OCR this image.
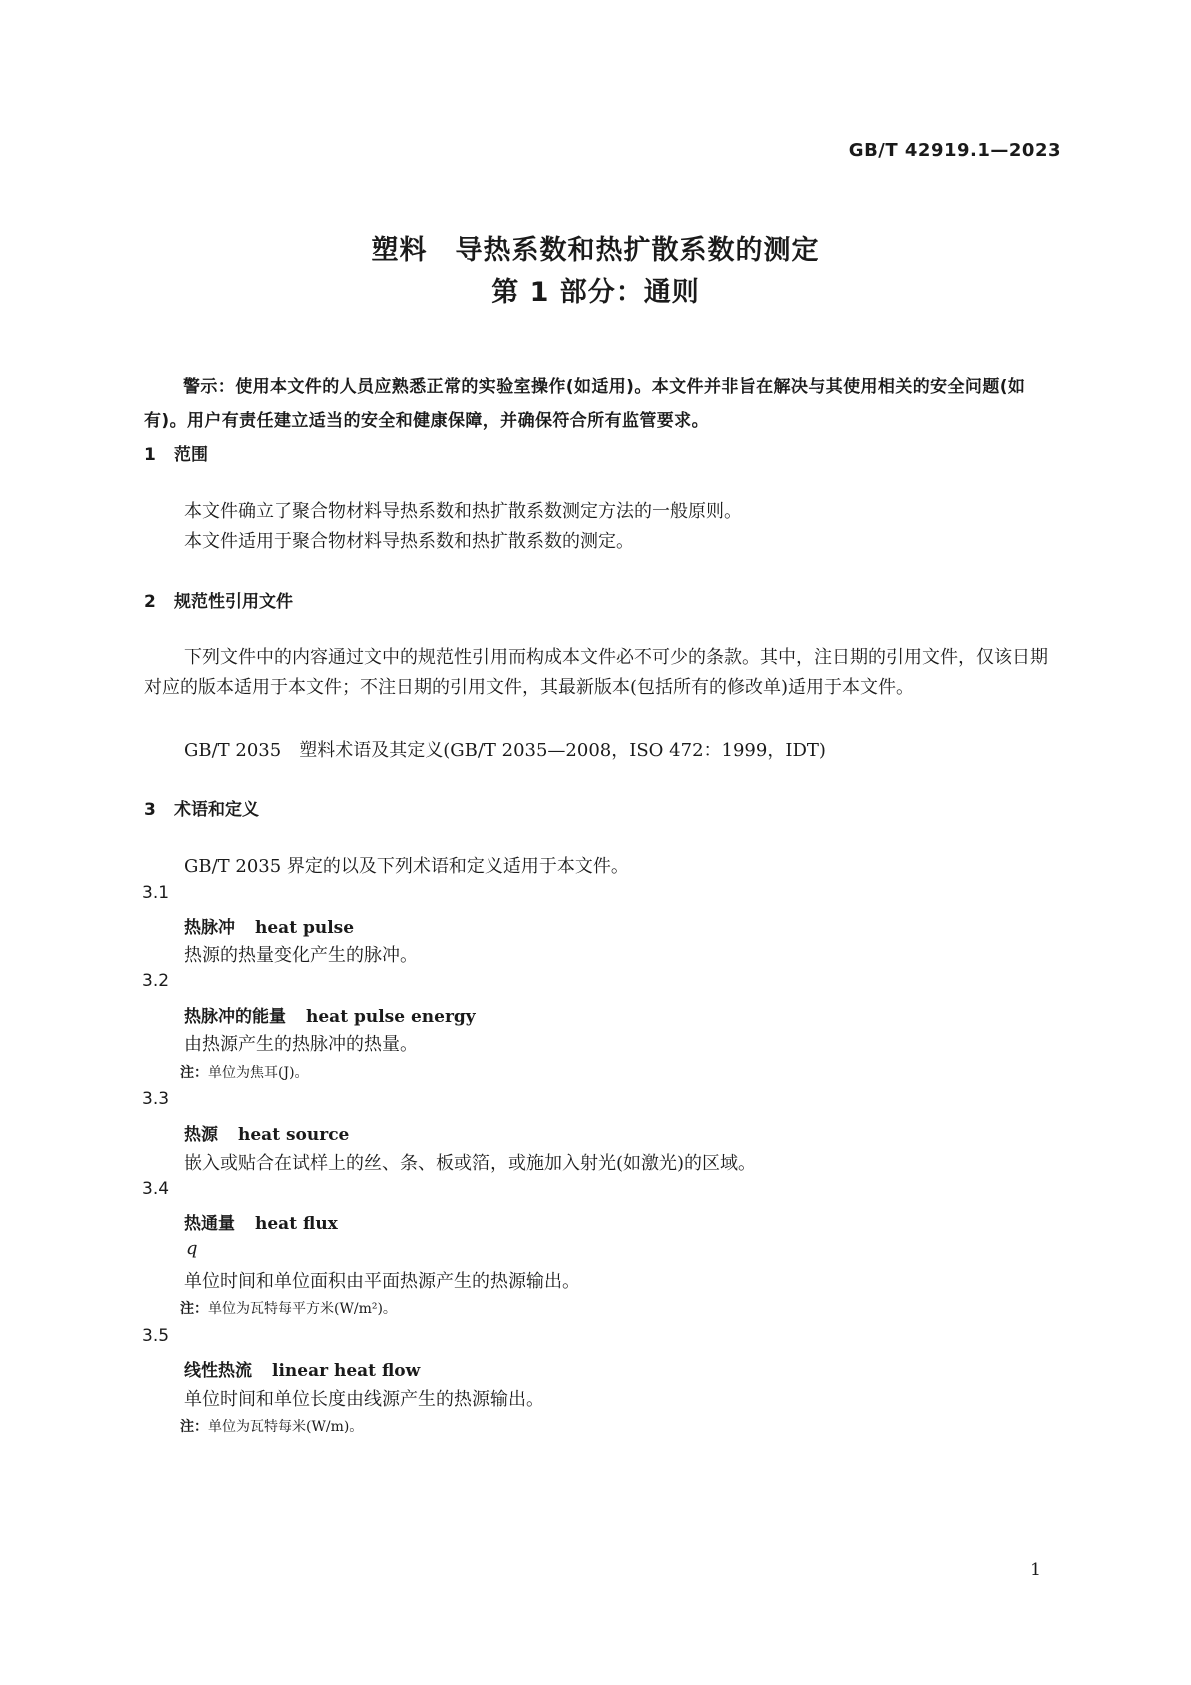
GB/T 42919.1—2023
塑料　导热系数和热扩散系数的测定
第 1 部分：通则
警示：使用本文件的人员应熟悉正常的实验室操作(如适用)。本文件并非旨在解决与其使用相关的安全问题(如有)。用户有责任建立适当的安全和健康保障，并确保符合所有监管要求。
1 范围
本文件确立了聚合物材料导热系数和热扩散系数测定方法的一般原则。
本文件适用于聚合物材料导热系数和热扩散系数的测定。
2 规范性引用文件
下列文件中的内容通过文中的规范性引用而构成本文件必不可少的条款。其中，注日期的引用文件，仅该日期对应的版本适用于本文件；不注日期的引用文件，其最新版本(包括所有的修改单)适用于本文件。
GB/T 2035　塑料术语及其定义(GB/T 2035—2008，ISO 472：1999，IDT)
3 术语和定义
GB/T 2035 界定的以及下列术语和定义适用于本文件。
3.1
热脉冲 heat pulse
热源的热量变化产生的脉冲。
3.2
热脉冲的能量 heat pulse energy
由热源产生的热脉冲的热量。
注：单位为焦耳(J)。
3.3
热源 heat source
嵌入或贴合在试样上的丝、条、板或箔，或施加入射光(如激光)的区域。
3.4
热通量 heat flux
q
单位时间和单位面积由平面热源产生的热源输出。
注：单位为瓦特每平方米(W/m²)。
3.5
线性热流 linear heat flow
单位时间和单位长度由线源产生的热源输出。
注：单位为瓦特每米(W/m)。
1
